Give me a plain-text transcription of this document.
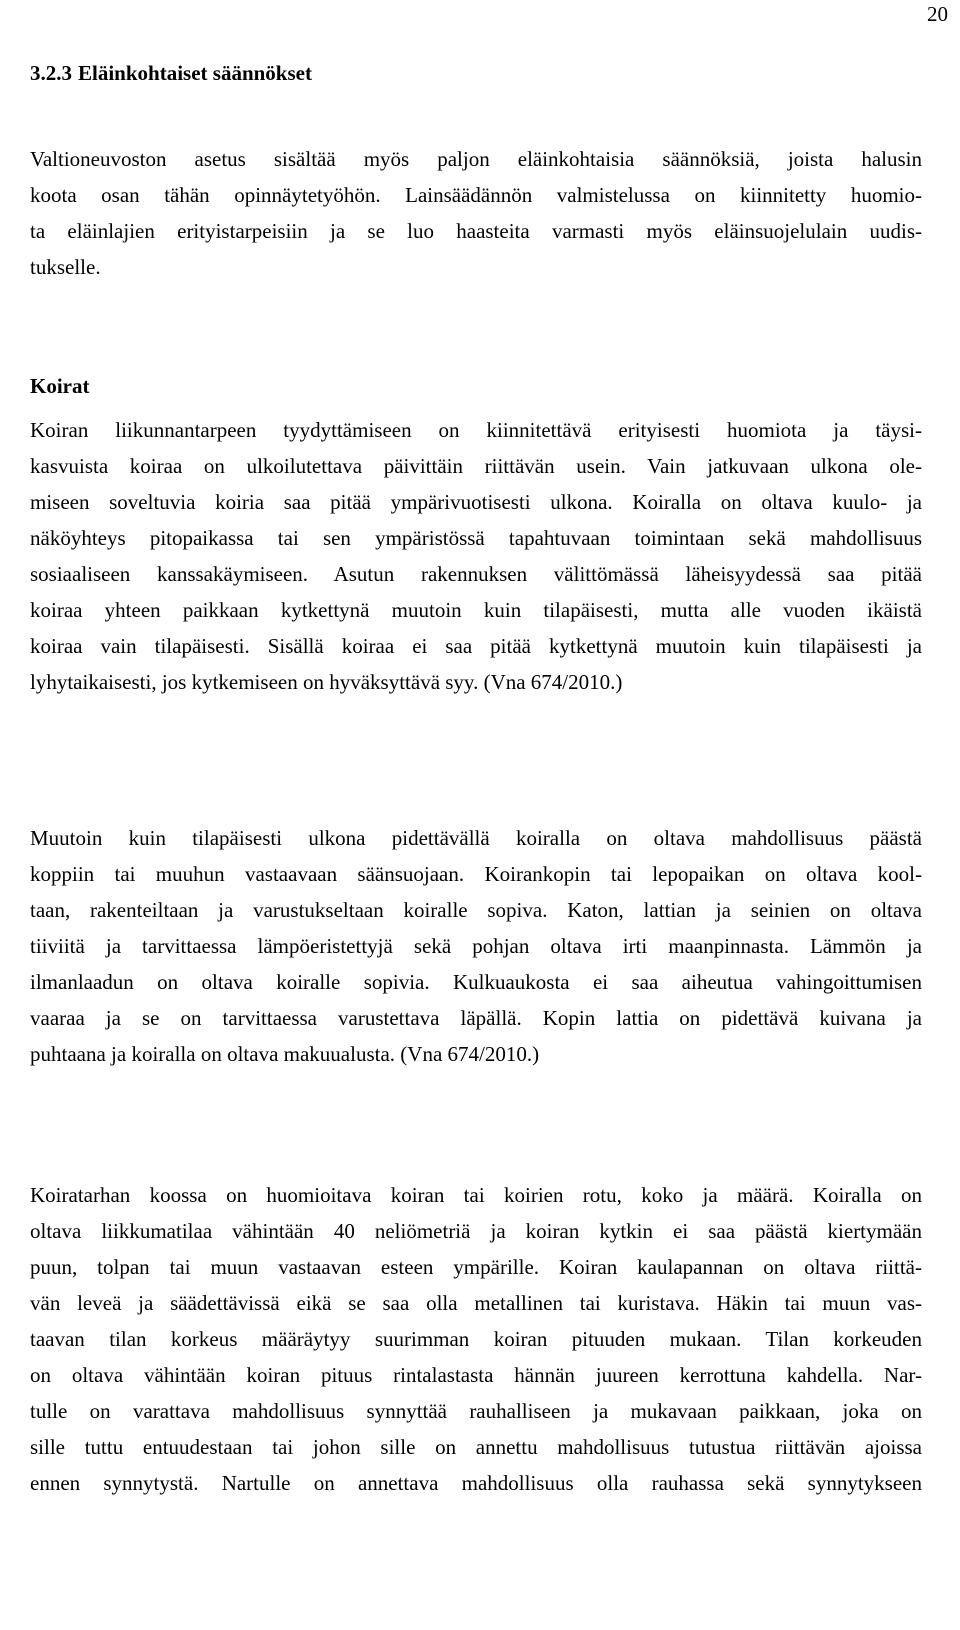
20
3.2.3 Eläinkohtaiset säännökset

Valtioneuvoston asetus sisältää myös paljon eläinkohtaisia säännöksiä, joista halusin
koota osan tähän opinnäytetyöhön. Lainsäädännön valmistelussa on kiinnitetty huomio-
ta eläinlajien erityistarpeisiin ja se luo haasteita varmasti myös eläinsuojelulain uudis-
tukselle.

Koirat

Koiran liikunnantarpeen tyydyttämiseen on kiinnitettävä erityisesti huomiota ja täysi-
kasvuista koiraa on ulkoilutettava päivittäin riittävän usein. Vain jatkuvaan ulkona ole-
miseen soveltuvia koiria saa pitää ympärivuotisesti ulkona. Koiralla on oltava kuulo- ja
näköyhteys pitopaikassa tai sen ympäristössä tapahtuvaan toimintaan sekä mahdollisuus
sosiaaliseen kanssakäymiseen. Asutun rakennuksen välittömässä läheisyydessä saa pitää
koiraa yhteen paikkaan kytkettynä muutoin kuin tilapäisesti, mutta alle vuoden ikäistä
koiraa vain tilapäisesti. Sisällä koiraa ei saa pitää kytkettynä muutoin kuin tilapäisesti ja
lyhytaikaisesti, jos kytkemiseen on hyväksyttävä syy. (Vna 674/2010.)

Muutoin kuin tilapäisesti ulkona pidettävällä koiralla on oltava mahdollisuus päästä
koppiin tai muuhun vastaavaan säänsuojaan. Koirankopin tai lepopaikan on oltava kool-
taan, rakenteiltaan ja varustukseltaan koiralle sopiva. Katon, lattian ja seinien on oltava
tiiviitä ja tarvittaessa lämpöeristettyjä sekä pohjan oltava irti maanpinnasta. Lämmön ja
ilmanlaadun on oltava koiralle sopivia. Kulkuaukosta ei saa aiheutua vahingoittumisen
vaaraa ja se on tarvittaessa varustettava läpällä. Kopin lattia on pidettävä kuivana ja
puhtaana ja koiralla on oltava makuualusta. (Vna 674/2010.)

Koiratarhan koossa on huomioitava koiran tai koirien rotu, koko ja määrä. Koiralla on
oltava liikkumatilaa vähintään 40 neliömetriä ja koiran kytkin ei saa päästä kiertymään
puun, tolpan tai muun vastaavan esteen ympärille. Koiran kaulapannan on oltava riittä-
vän leveä ja säädettävissä eikä se saa olla metallinen tai kuristava. Häkin tai muun vas-
taavan tilan korkeus määräytyy suurimman koiran pituuden mukaan. Tilan korkeuden
on oltava vähintään koiran pituus rintalastasta hännän juureen kerrottuna kahdella. Nar-
tulle on varattava mahdollisuus synnyttää rauhalliseen ja mukavaan paikkaan, joka on
sille tuttu entuudestaan tai johon sille on annettu mahdollisuus tutustua riittävän ajoissa
ennen synnytystä. Nartulle on annettava mahdollisuus olla rauhassa sekä synnytykseen
